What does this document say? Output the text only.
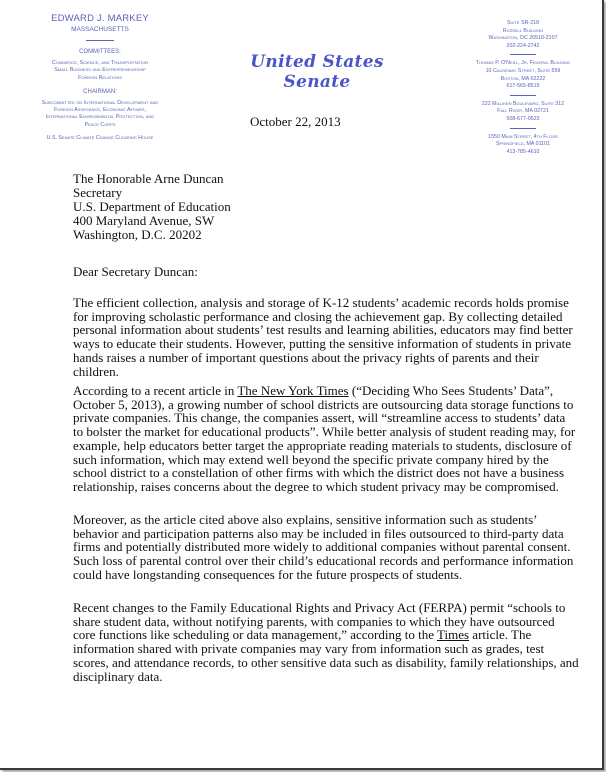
EDWARD J. MARKEY
MASSACHUSETTS
COMMITTEES:
Commerce, Science, and Transportation
Small Business and Entrepreneurship
Foreign Relations
CHAIRMAN:
Subcommittee on International Development and
Foreign Assistance, Economic Affairs,
International Environmental Protection, and
Peace Corps
U.S. Senate Climate Change Clearing House
United States Senate
Suite SR-218
Russell Building
Washington, DC 20510-2107
202-224-2742
Thomas P. O'Neill, Jr. Federal Building
10 Causeway Street, Suite 559
Boston, MA 02222
617-565-8519
222 Milliken Boulevard, Suite 312
Fall River, MA 02721
508-677-0523
1550 Main Street, 4th Floor
Springfield, MA 01101
413-785-4610
October 22, 2013
The Honorable Arne Duncan
Secretary
U.S. Department of Education
400 Maryland Avenue, SW
Washington, D.C. 20202
Dear Secretary Duncan:
The efficient collection, analysis and storage of K-12 students’ academic records holds promise
for improving scholastic performance and closing the achievement gap. By collecting detailed
personal information about students’ test results and learning abilities, educators may find better
ways to educate their students. However, putting the sensitive information of students in private
hands raises a number of important questions about the privacy rights of parents and their
children.
According to a recent article in The New York Times (“Deciding Who Sees Students’ Data”,
October 5, 2013), a growing number of school districts are outsourcing data storage functions to
private companies. This change, the companies assert, will “streamline access to students’ data
to bolster the market for educational products”. While better analysis of student reading may, for
example, help educators better target the appropriate reading materials to students, disclosure of
such information, which may extend well beyond the specific private company hired by the
school district to a constellation of other firms with which the district does not have a business
relationship, raises concerns about the degree to which student privacy may be compromised.
Moreover, as the article cited above also explains, sensitive information such as students’
behavior and participation patterns also may be included in files outsourced to third-party data
firms and potentially distributed more widely to additional companies without parental consent.
Such loss of parental control over their child’s educational records and performance information
could have longstanding consequences for the future prospects of students.
Recent changes to the Family Educational Rights and Privacy Act (FERPA) permit “schools to
share student data, without notifying parents, with companies to which they have outsourced
core functions like scheduling or data management,” according to the Times article. The
information shared with private companies may vary from information such as grades, test
scores, and attendance records, to other sensitive data such as disability, family relationships, and
disciplinary data.
